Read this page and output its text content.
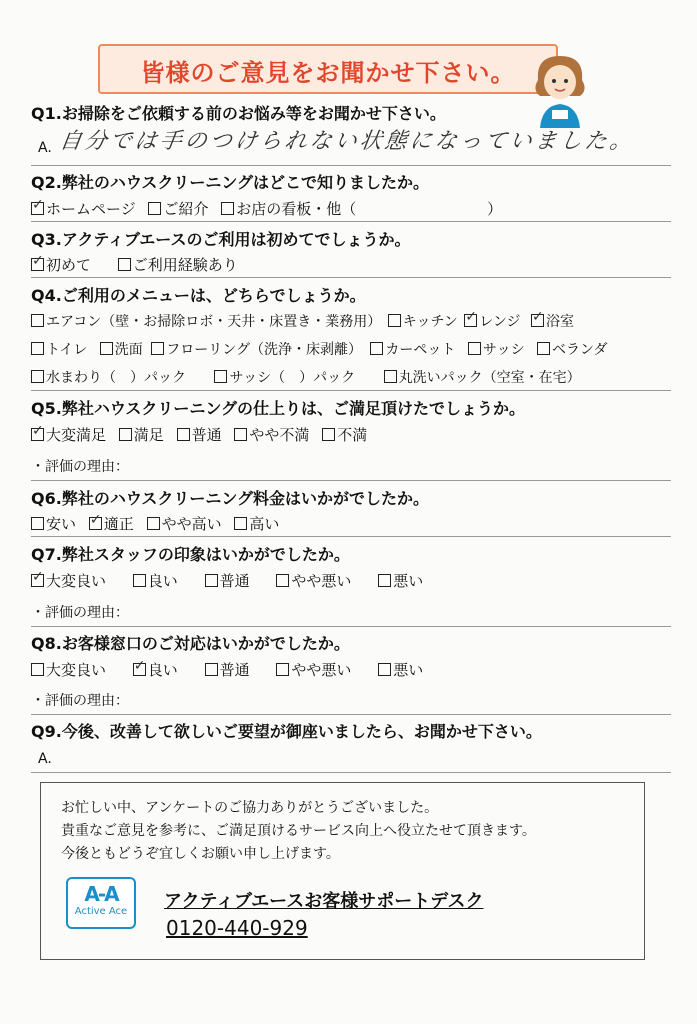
皆様のご意見をお聞かせ下さい。
Q1.お掃除をご依頼する前のお悩み等をお聞かせ下さい。
A. 自分では手のつけられない状態になっていました。
Q2.弊社のハウスクリーニングはどこで知りましたか。
✓ホームページ ご紹介 お店の看板・他（	）
Q3.アクティブエースのご利用は初めてでしょうか。
✓初めて	ご利用経験あり
Q4.ご利用のメニューは、どちらでしょうか。
エアコン（壁・お掃除ロボ・天井・床置き・業務用） キッチン ✓ レンジ ✓ 浴室
トイレ 洗面 フローリング（洗浄・床剥離） カーペット サッシ ベランダ
水まわり（　）パック	サッシ（　）パック	丸洗いパック（空室・在宅）
Q5.弊社ハウスクリーニングの仕上りは、ご満足頂けたでしょうか。
✓大変満足 満足 普通 やや不満 不満
・評価の理由：
Q6.弊社のハウスクリーニング料金はいかがでしたか。
安い ✓ 適正 やや高い 高い
Q7.弊社スタッフの印象はいかがでしたか。
✓大変良い	良い	普通	やや悪い	悪い
・評価の理由：
Q8.お客様窓口のご対応はいかがでしたか。
大変良い ✓	良い	普通	やや悪い	悪い
・評価の理由：
Q9.今後、改善して欲しいご要望が御座いましたら、お聞かせ下さい。
A.
お忙しい中、アンケートのご協力ありがとうございました。
貴重なご意見を参考に、ご満足頂けるサービス向上へ役立たせて頂きます。
今後ともどうぞ宜しくお願い申し上げます。
A-A
Active Ace	アクティブエースお客様サポートデスク
0120-440-929
